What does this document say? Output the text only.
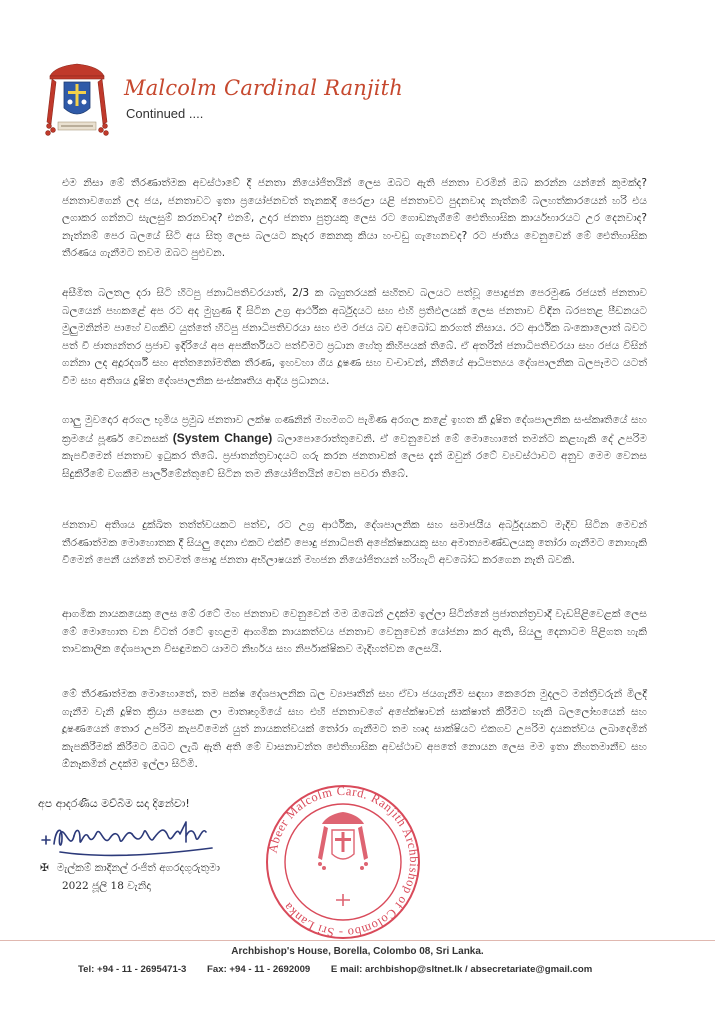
Malcolm Cardinal Ranjith
Continued ....

එම නිසා මේ තීරණාත්මක අවස්ථාවේ දී ජනතා නියෝජිතයින් ලෙස ඔබට ඇති ජනතා වරමින් ඔබ කරන්න යන්නේ කුමක්ද? ජනතාවගෙන් ලද ජය, ජනතාවට ඉතා ප්‍රයෝජනවත් තැනකදි පෙරළා යළි ජනතාවට පුදනවාද නැත්නම් බලහත්කාරයෙන් හරි එය ලගාකර ගන්නට සැලසුම් කරනවාද? එනම්, උදාර ජනතා පුත්‍රයකු ලෙස රට ගොඩනැගීමේ ඓතිහාසික කාර්යභාරයට උර දෙනවාද? නැත්නම් පෙර බලයේ සිටි අය සිතු ලෙස බලයට කෑදර කෙනකු කියා හංවඩු ගැහෙනවද? රට ජාතිය වෙනුවෙන් මේ ඓතිහාසික තීරණය ගැනීමට තවම ඔබට පුළුවන.

අසීමිත බලතල දරා සිටි හිටපු ජනාධිපතිවරයාත්, 2/3 ක බහුතරයක් සහිතව බලයට පත්වූ පොදුජන පෙරමුණ රජයත් ජනතාව බලයෙන් පහකළේ අප රට අද මුහුණ දී සිටින උග්‍ර ආර්ථික අර්බුදයට සහ එහි ප්‍රතිඵලයක් ලෙස ජනතාව විඳින බරපතළ පීඩනයට මුලුමනින්ම පාහේ වගකිව යුත්තේ හිටපු ජනාධිපතිවරයා සහ එම රජය බව අවබෝධ කරගත් නිසාය. රට ආර්ථික බංකොලොත් බවට පත් වී ජාත්‍යන්තර ප්‍රජාව ඉදිරියේ අප අපකීර්තියට පත්වීමට ප්‍රධාන හේතු කිහිපයක් තිබේ. ඒ අතරින් ජනාධිපතිවරයා සහ රජය විසින් ගන්නා ලද අදූරදර්ශී සහ අත්තනෝමතික තීරණ, ඉහවහා ගිය දූෂණ සහ වංචාවන්, නීතියේ ආධිපත්‍යය දේශපාලනික බලපෑමට යටත් වීම සහ අතිශය දූෂිත දේශපාලනික සංස්කෘතිය ආදිය ප්‍රධානය.

ගාලු මුවදොර අරගල භූමිය ප්‍රමුඛ ජනතාව ලක්ෂ ගණනින් මහමගට පැමිණ අරගල කළේ ඉහත කී දූෂිත දේශපාලනික සංස්කෘතියේ සහ ක්‍රමයේ පූර්ණ වෙනසක් (System Change) බලාපොරොත්තුවෙනි. ඒ වෙනුවෙන් මේ මොහොතේ තමන්ට කළහැකි දේ උපරිම කැපවීමෙන් ජනතාව ඉටුකර තිබේ. ප්‍රජාතන්ත්‍රවාදයට ගරු කරන ජනතාවක් ලෙස දැන් ඔවුන් රටේ ව්‍යවස්ථාවට අනුව මෙම වෙනස සිදුකිරීමේ වගකීම පාර්ලිමේන්තුවේ සිටින තම නියෝජිතයින් වෙත පවරා තිබේ.

ජනතාව අතිශය දුක්ඛිත තත්ත්වයකට පත්ව, රට උග්‍ර ආර්ථික, දේශපාලනික සහ සමාජයීය අර්බුදයකට මැදිව සිටින මෙවන් තීරණාත්මක මොහොතක දී සියලු දෙනා එකට එක්වී පොදු ජනාධිපති අපේක්ෂකයකු සහ අමාත්‍යමණ්ඩලයකු තෝරා ගැනීමට නොහැකි වීමෙන් පෙනී යන්නේ තවමත් පොදු ජනතා අභිලාෂයන් මහජන නියෝජිතයන් හරිහැටි අවබෝධ කරගෙන නැති බවකි.

ආගමික නායකයෙකු ලෙස මේ රටේ මහ ජනතාව වෙනුවෙන් මම ඔබෙන් උදක්ම ඉල්ලා සිටින්නේ ප්‍රජාතන්ත්‍රවාදී වැඩපිළිවෙළක් ලෙස මේ මොහොත වන විටත් රටේ ඉහළම ආගමික නායකත්වය ජනතාව වෙනුවෙන් යෝජනා කර ඇති, සියලු දෙනාටම පිළිගත හැකි තාවකාලික දේශපාලන විසඳුමකට යාමට නිර්භය සහ නිර්පාක්ෂිකව මැදිහත්වන ලෙසයි.

මේ තීරණාත්මක මොහොතේ, තම පක්ෂ දේශපාලනික බල ව්‍යාපෘතීන් සහ ඒවා ජයගැනීම සඳහා කෙරෙන මුදලට මන්ත්‍රීවරුන් මිලදී ගැනීම වැනි දූෂිත ක්‍රියා පසෙක ලා මාතෘභූමියේ සහ එහි ජනතාවගේ අපේක්ෂාවන් සාක්ෂාත් කිරීමට හැකි බලලෝභයෙන් සහ දූෂණයෙන් තොර උපරිම කැපවීමෙන් යුත් නායකත්වයක් තෝරා ගැනීමට තම හෘද සාක්ෂියට එකගව උපරිම දායකත්වය ලබාදෙමින් කැපකිරීමක් කිරීමට ඔබට ලැබී ඇති අති මේ වාසනාවන්ත ඓතිහාසික අවස්ථාව අපතේ නොයන ලෙස මම ඉතා නිහතමානීව සහ ඕනෑකමින් උදක්ම ඉල්ලා සිටිමි.

අප ආදරණීය මව්බිම සදා දිනේවා!
✠ මැල්කම් කාදිනල් රංජිත් අගරදගුරුතුමා
2022 ජූලි 18 වැනිදා
Abeer Malcolm Card. Ranjith Archbishop of Colombo - Sri Lanka
Archbishop's House, Borella, Colombo 08, Sri Lanka.
Tel: +94 - 11 - 2695471-3 Fax: +94 - 11 - 2692009 E mail: archbishop@sltnet.lk / absecretariate@gmail.com
